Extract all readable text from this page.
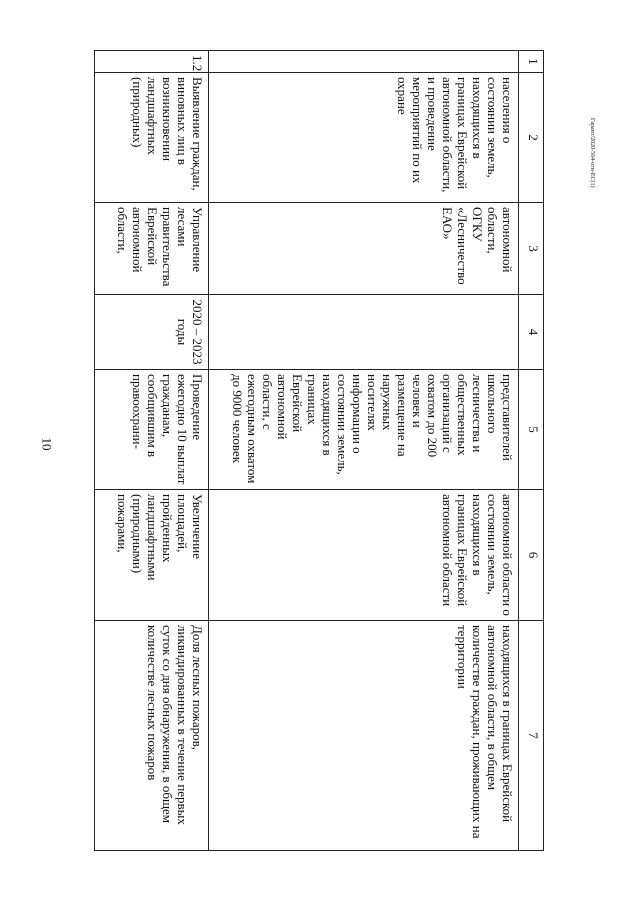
10
Гарант/2020-564-отн-ЕС(1)
1	2	3	4	5	6	7
	населения о состоянии земель, находящихся в границах Еврейской автономной области, и проведение мероприятий по их охране	автономной области, ОГКУ «Лесничество ЕАО»		представителей школьного лесничества и общественных организаций с охватом до 200 человек и размещение на наружных носителях информации о состоянии земель, находящихся в границах Еврейской автономной области, с ежегодным охватом до 9000 человек	автономной области о состоянии земель, находящихся в границах Еврейской автономной области	находящихся в границах Еврейской автономной области, в общем количестве граждан, проживающих на территории
1.2	Выявление граждан, виновных лиц в возникновении ландшафтных (природных)	Управление лесами правительства Еврейской автономной области,	2020 – 2023 годы	Проведение ежегодно 10 выплат гражданам, сообщившим в правоохрани-	Увеличение площадей, пройденных ландшафтными (природными) пожарами,	Доля лесных пожаров, ликвидированных в течение первых суток со дня обнаружения, в общем количестве лесных пожаров
